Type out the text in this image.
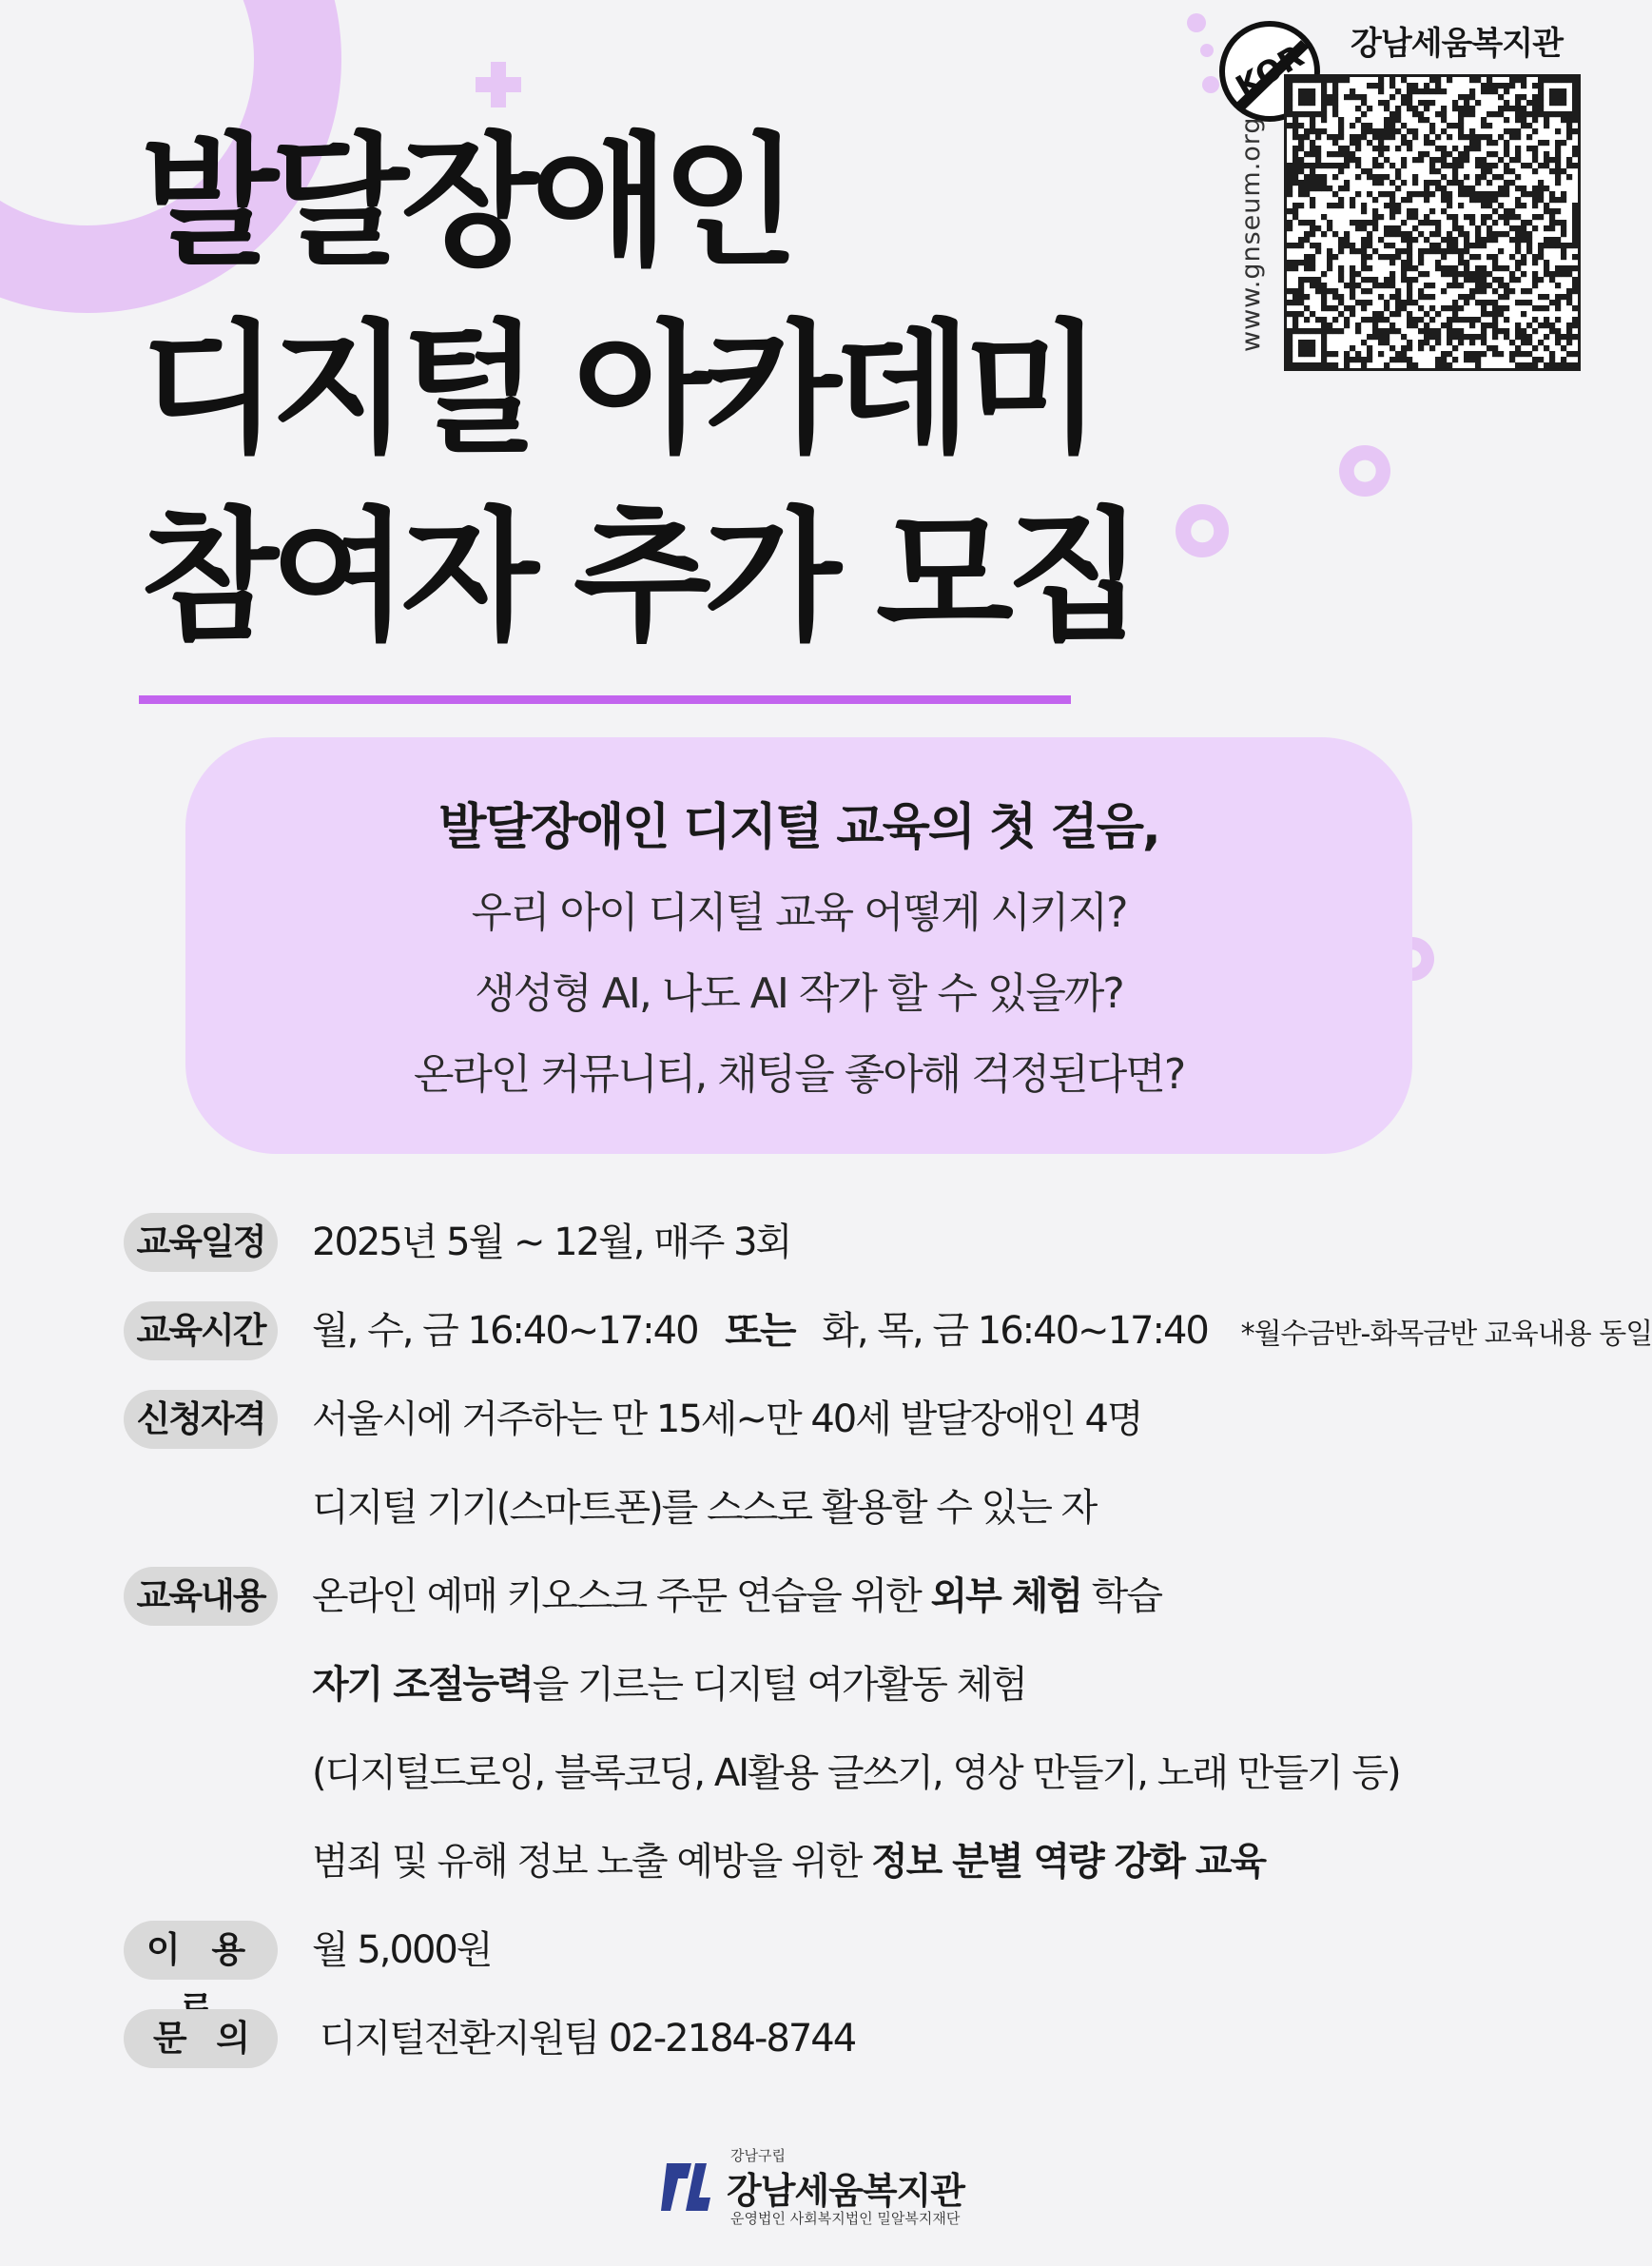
강남세움복지관
www.gnseum.org
발달장애인
디지털 아카데미
참여자 추가 모집
발달장애인 디지털 교육의 첫 걸음,
우리 아이 디지털 교육 어떻게 시키지?
생성형 AI, 나도 AI 작가 할 수 있을까?
온라인 커뮤니티, 채팅을 좋아해 걱정된다면?
교육일정	2025년 5월 ~ 12월, 매주 3회
교육시간	월, 수, 금 16:40~17:40 또는 화, 목, 금 16:40~17:40 *월수금반-화목금반 교육내용 동일
신청자격	서울시에 거주하는 만 15세~만 40세 발달장애인 4명
디지털 기기(스마트폰)를 스스로 활용할 수 있는 자
교육내용	온라인 예매 키오스크 주문 연습을 위한 외부 체험 학습
자기 조절능력을 기르는 디지털 여가활동 체험
(디지털드로잉, 블록코딩, AI활용 글쓰기, 영상 만들기, 노래 만들기 등)
범죄 및 유해 정보 노출 예방을 위한 정보 분별 역량 강화 교육
이 용	월 5,000원
문   의	디지털전환지원팀 02-2184-8744
강남구립
강남세움복지관
운영법인 사회복지법인 밀알복지재단
